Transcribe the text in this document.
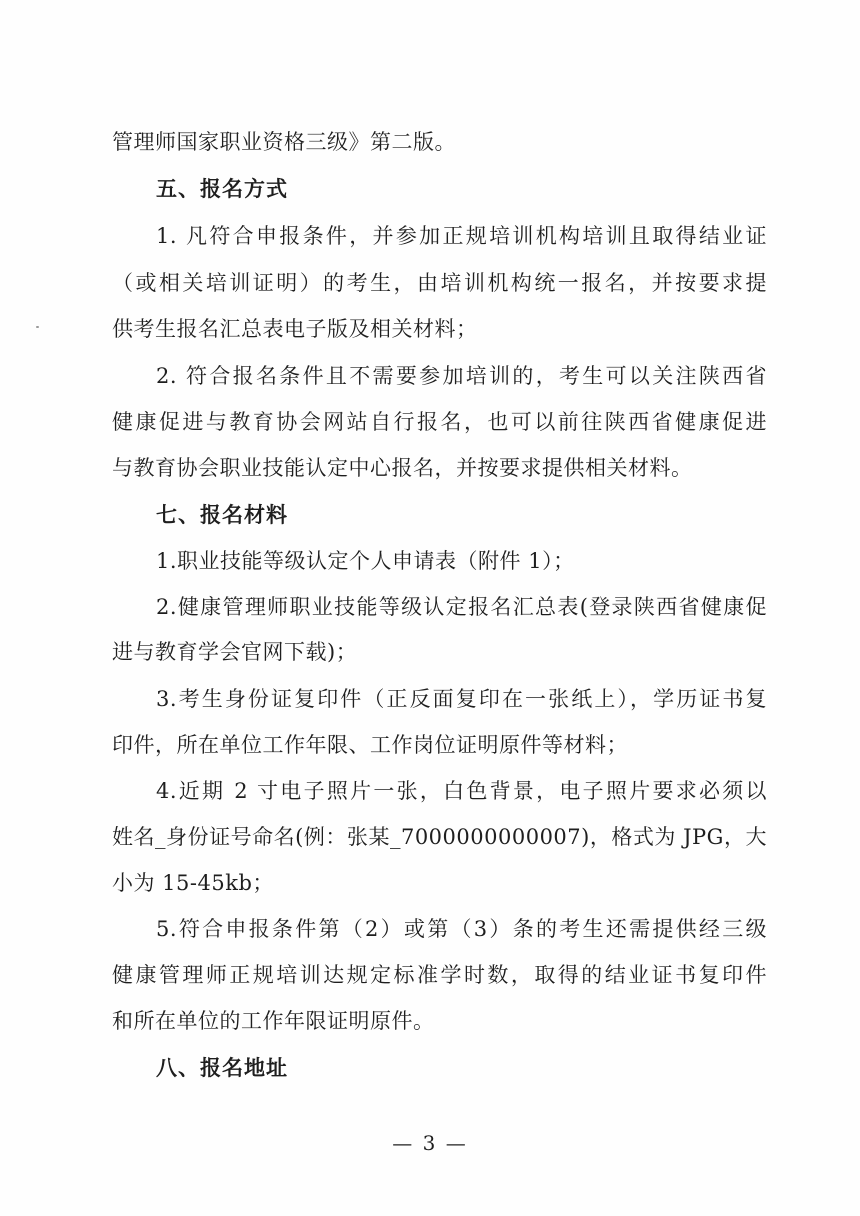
管理师国家职业资格三级》第二版。
五、报名方式
1. 凡符合申报条件，并参加正规培训机构培训且取得结业证
（或相关培训证明）的考生，由培训机构统一报名，并按要求提
供考生报名汇总表电子版及相关材料；
2. 符合报名条件且不需要参加培训的，考生可以关注陕西省
健康促进与教育协会网站自行报名，也可以前往陕西省健康促进
与教育协会职业技能认定中心报名，并按要求提供相关材料。
七、报名材料
1.职业技能等级认定个人申请表（附件 1）；
2.健康管理师职业技能等级认定报名汇总表(登录陕西省健康促
进与教育学会官网下载)；
3.考生身份证复印件（正反面复印在一张纸上），学历证书复
印件，所在单位工作年限、工作岗位证明原件等材料；
4.近期 2 寸电子照片一张，白色背景，电子照片要求必须以
姓名_身份证号命名(例：张某_7000000000007)，格式为 JPG，大
小为 15-45kb；
5.符合申报条件第（2）或第（3）条的考生还需提供经三级
健康管理师正规培训达规定标准学时数，取得的结业证书复印件
和所在单位的工作年限证明原件。
八、报名地址
— 3 —
